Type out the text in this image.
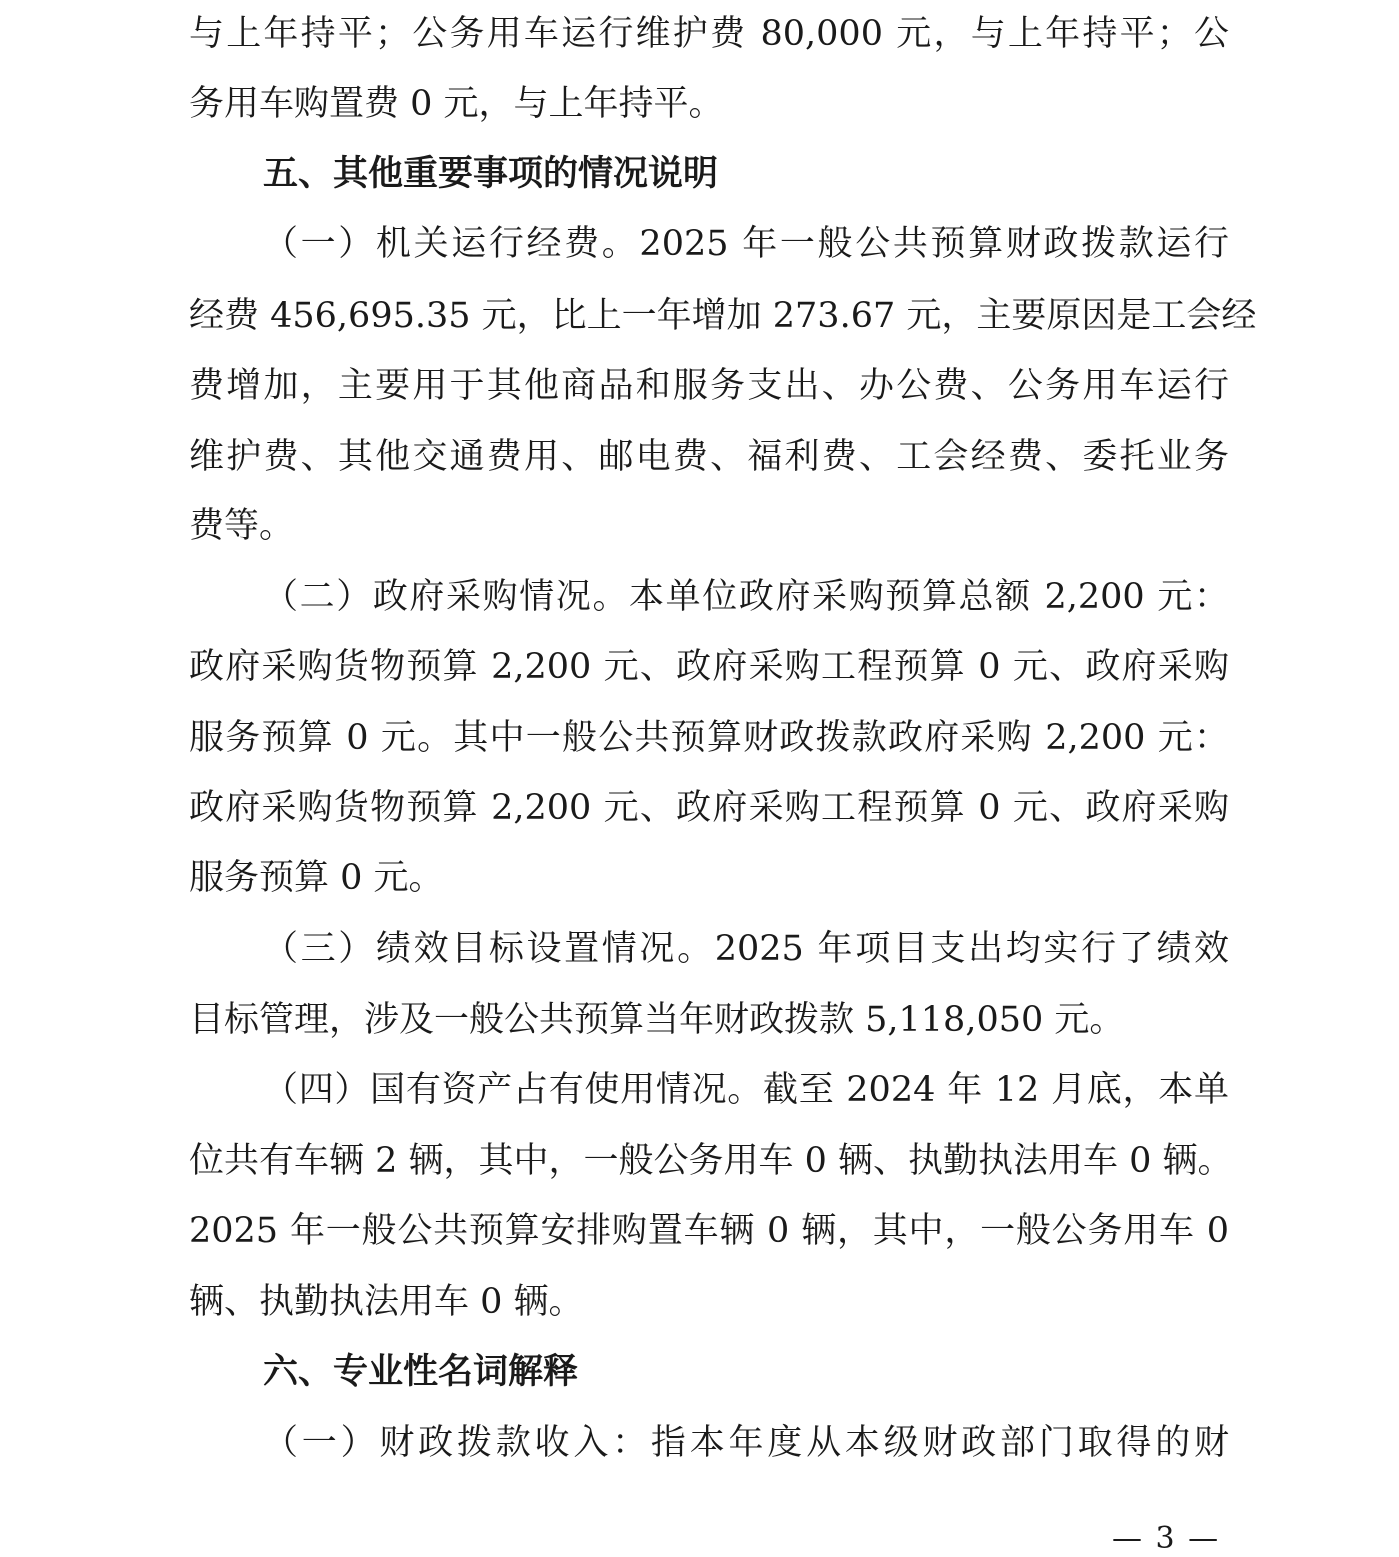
与上年持平；公务用车运行维护费 80,000 元，与上年持平；公
务用车购置费 0 元，与上年持平。
五、其他重要事项的情况说明
（一）机关运行经费。2025 年一般公共预算财政拨款运行
经费 456,695.35 元，比上一年增加 273.67 元，主要原因是工会经
费增加，主要用于其他商品和服务支出、办公费、公务用车运行
维护费、其他交通费用、邮电费、福利费、工会经费、委托业务
费等。
（二）政府采购情况。本单位政府采购预算总额 2,200 元：
政府采购货物预算 2,200 元、政府采购工程预算 0 元、政府采购
服务预算 0 元。其中一般公共预算财政拨款政府采购 2,200 元：
政府采购货物预算 2,200 元、政府采购工程预算 0 元、政府采购
服务预算 0 元。
（三）绩效目标设置情况。2025 年项目支出均实行了绩效
目标管理，涉及一般公共预算当年财政拨款 5,118,050 元。
（四）国有资产占有使用情况。截至 2024 年 12 月底，本单
位共有车辆 2 辆，其中，一般公务用车 0 辆、执勤执法用车 0 辆。
2025 年一般公共预算安排购置车辆 0 辆，其中，一般公务用车 0
辆、执勤执法用车 0 辆。
六、专业性名词解释
（一）财政拨款收入：指本年度从本级财政部门取得的财
— 3 —
